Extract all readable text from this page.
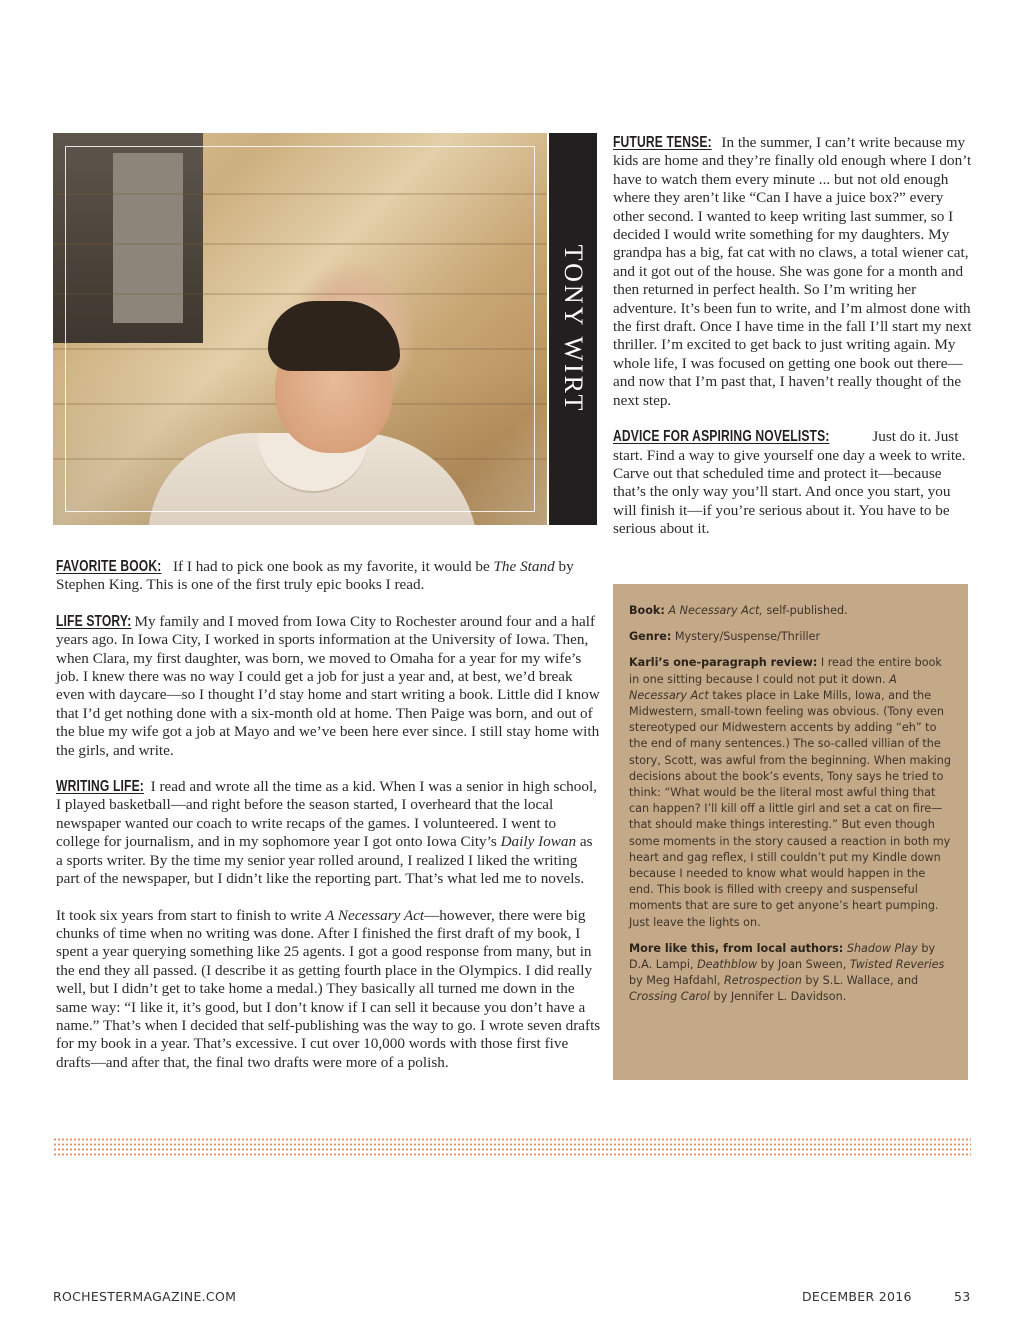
TONY WIRT

FUTURE TENSE: In the summer, I can’t write because my kids are home and they’re finally old enough where I don’t have to watch them every minute ... but not old enough where they aren’t like “Can I have a juice box?” every other second. I wanted to keep writing last summer, so I decided I would write something for my daughters. My grandpa has a big, fat cat with no claws, a total wiener cat, and it got out of the house. She was gone for a month and then returned in perfect health. So I’m writing her adventure. It’s been fun to write, and I’m almost done with the first draft. Once I have time in the fall I’ll start my next thriller. I’m excited to get back to just writing again. My whole life, I was focused on getting one book out there—and now that I’m past that, I haven’t really thought of the next step.

ADVICE FOR ASPIRING NOVELISTS:	Just do it. Just start. Find a way to give yourself one day a week to write. Carve out that scheduled time and protect it—because that’s the only way you’ll start. And once you start, you will finish it—if you’re serious about it. You have to be serious about it.

FAVORITE BOOK: If I had to pick one book as my favorite, it would be The Stand by Stephen King. This is one of the first truly epic books I read.

LIFE STORY: My family and I moved from Iowa City to Rochester around four and a half years ago. In Iowa City, I worked in sports information at the University of Iowa. Then, when Clara, my first daughter, was born, we moved to Omaha for a year for my wife’s job. I knew there was no way I could get a job for just a year and, at best, we’d break even with daycare—so I thought I’d stay home and start writing a book. Little did I know that I’d get nothing done with a six-month old at home. Then Paige was born, and out of the blue my wife got a job at Mayo and we’ve been here ever since. I still stay home with the girls, and write.

WRITING LIFE: I read and wrote all the time as a kid. When I was a senior in high school, I played basketball—and right before the season started, I overheard that the local newspaper wanted our coach to write recaps of the games. I volunteered. I went to college for journalism, and in my sophomore year I got onto Iowa City’s Daily Iowan as a sports writer. By the time my senior year rolled around, I realized I liked the writing part of the newspaper, but I didn’t like the reporting part. That’s what led me to novels.

It took six years from start to finish to write A Necessary Act—however, there were big chunks of time when no writing was done. After I finished the first draft of my book, I spent a year querying something like 25 agents. I got a good response from many, but in the end they all passed. (I describe it as getting fourth place in the Olympics. I did really well, but I didn’t get to take home a medal.) They basically all turned me down in the same way: “I like it, it’s good, but I don’t know if I can sell it because you don’t have a name.” That’s when I decided that self-publishing was the way to go. I wrote seven drafts for my book in a year. That’s excessive. I cut over 10,000 words with those first five drafts—and after that, the final two drafts were more of a polish.

Book: A Necessary Act, self-published.

Genre: Mystery/Suspense/Thriller

Karli’s one-paragraph review: I read the entire book in one sitting because I could not put it down. A Necessary Act takes place in Lake Mills, Iowa, and the Midwestern, small-town feeling was obvious. (Tony even stereotyped our Midwestern accents by adding “eh” to the end of many sentences.) The so-called villian of the story, Scott, was awful from the beginning. When making decisions about the book’s events, Tony says he tried to think: “What would be the literal most awful thing that can happen? I’ll kill off a little girl and set a cat on fire—that should make things interesting.” But even though some moments in the story caused a reaction in both my heart and gag reflex, I still couldn’t put my Kindle down because I needed to know what would happen in the end. This book is filled with creepy and suspenseful moments that are sure to get anyone’s heart pumping. Just leave the lights on.

More like this, from local authors: Shadow Play by D.A. Lampi, Deathblow by Joan Sween, Twisted Reveries by Meg Hafdahl, Retrospection by S.L. Wallace, and Crossing Carol by Jennifer L. Davidson.

ROCHESTERMAGAZINE.COM	DECEMBER 2016	53
